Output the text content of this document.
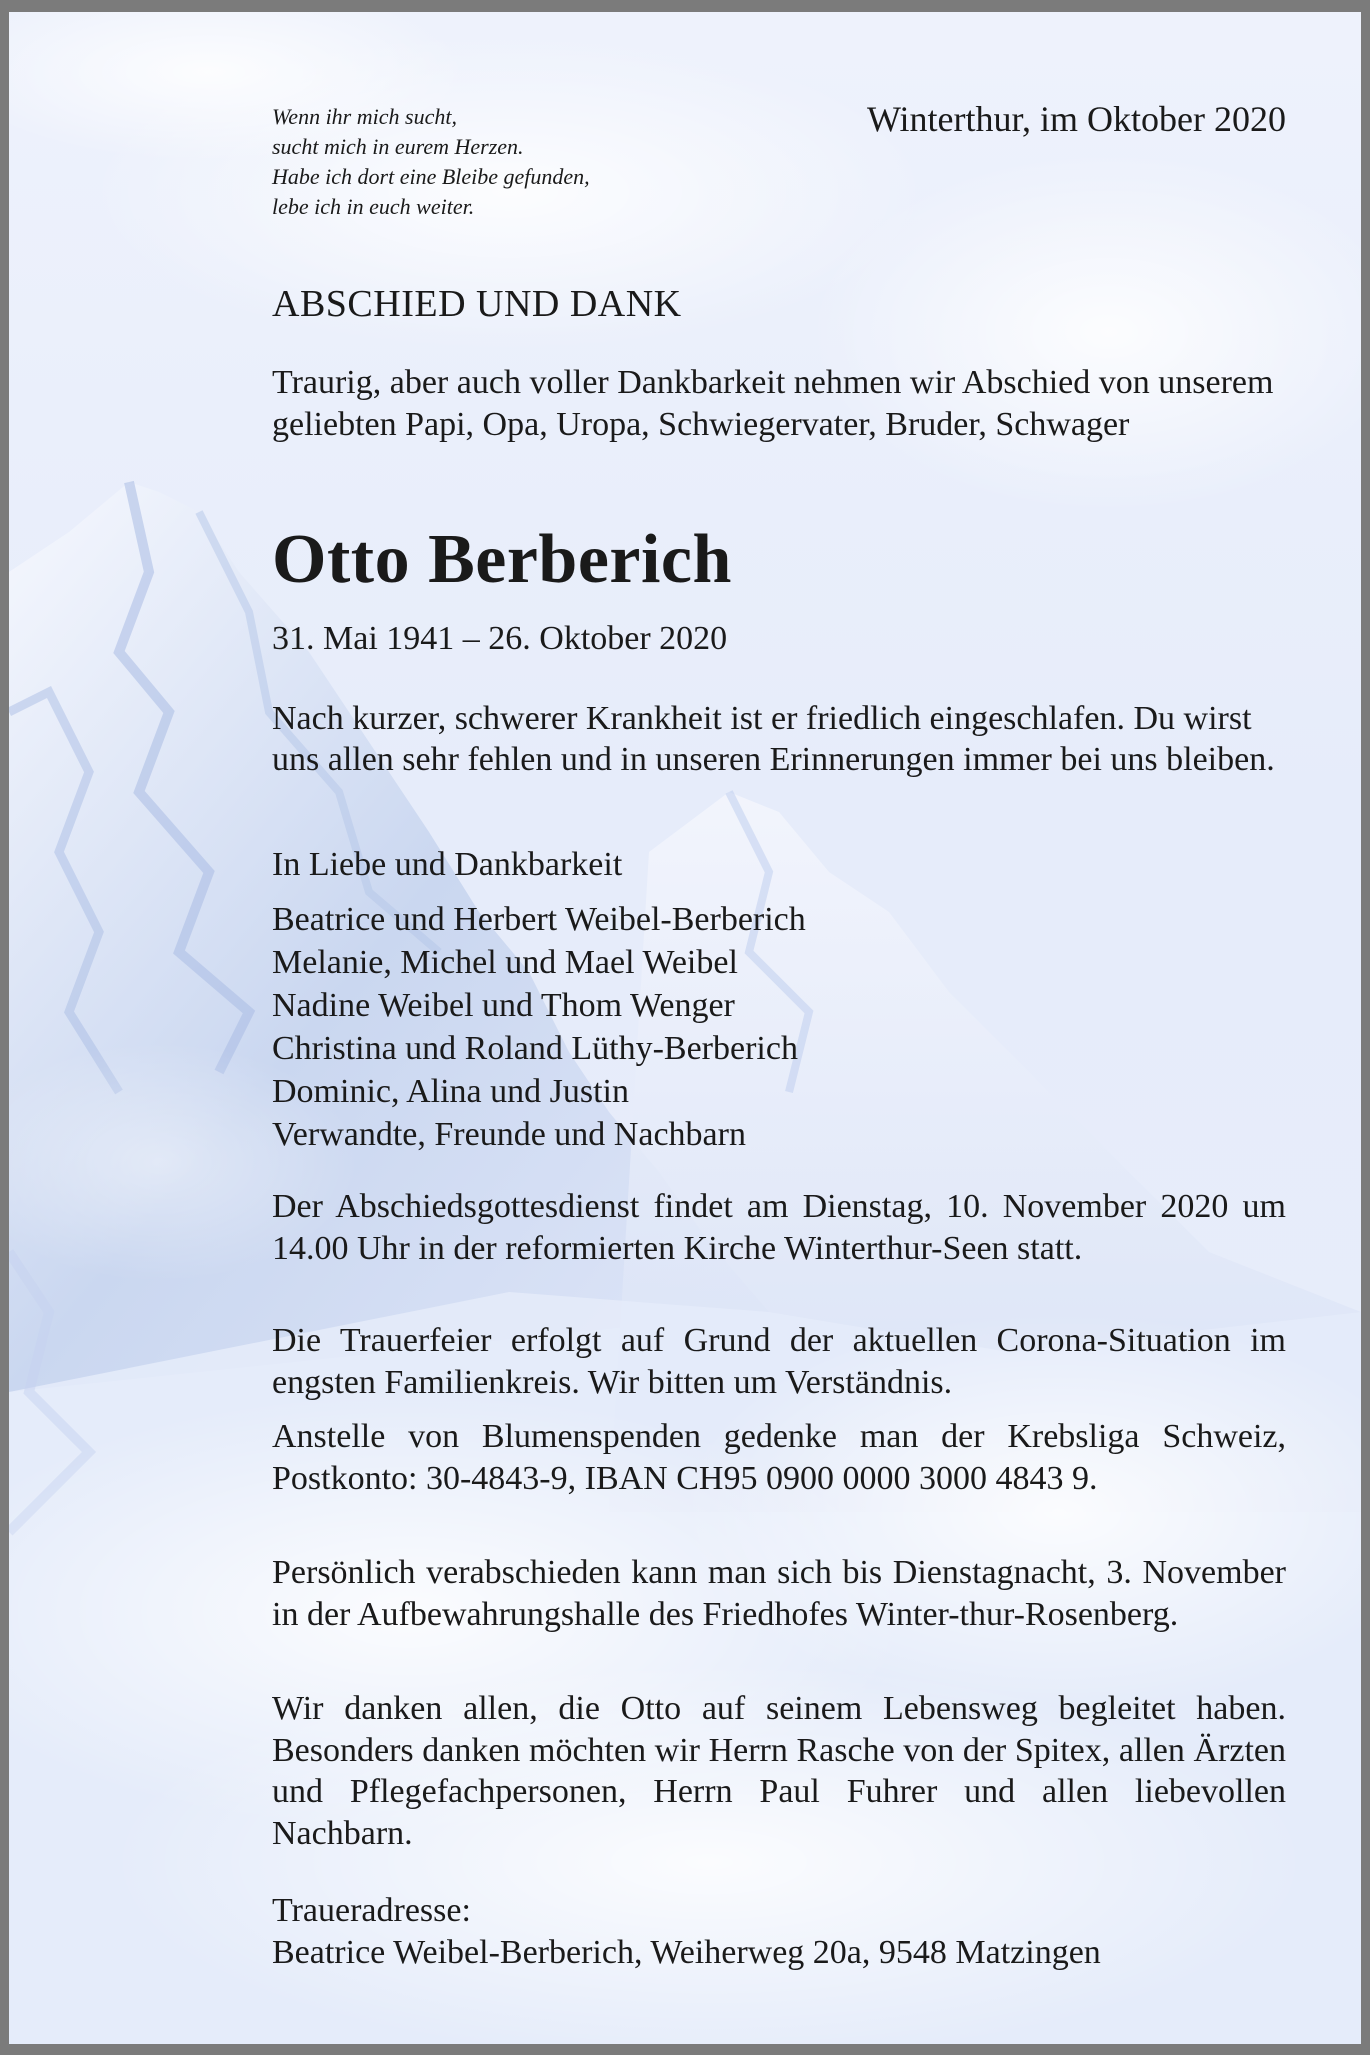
Wenn ihr mich sucht,
sucht mich in eurem Herzen.
Habe ich dort eine Bleibe gefunden,
lebe ich in euch weiter.
Winterthur, im Oktober 2020
ABSCHIED UND DANK
Traurig, aber auch voller Dankbarkeit nehmen wir Abschied von unserem geliebten Papi, Opa, Uropa, Schwiegervater, Bruder, Schwager
Otto Berberich
31. Mai 1941 – 26. Oktober 2020
Nach kurzer, schwerer Krankheit ist er friedlich eingeschlafen. Du wirst uns allen sehr fehlen und in unseren Erinnerungen immer bei uns bleiben.
In Liebe und Dankbarkeit
Beatrice und Herbert Weibel-Berberich
Melanie, Michel und Mael Weibel
Nadine Weibel und Thom Wenger
Christina und Roland Lüthy-Berberich
Dominic, Alina und Justin
Verwandte, Freunde und Nachbarn
Der Abschiedsgottesdienst findet am Dienstag, 10. November 2020 um 14.00 Uhr in der reformierten Kirche Winterthur-Seen statt.
Die Trauerfeier erfolgt auf Grund der aktuellen Corona-Situation im engsten Familienkreis. Wir bitten um Verständnis.
Anstelle von Blumenspenden gedenke man der Krebsliga Schweiz, Postkonto: 30-4843-9, IBAN CH95 0900 0000 3000 4843 9.
Persönlich verabschieden kann man sich bis Dienstagnacht, 3. November in der Aufbewahrungshalle des Friedhofes Winter-thur-Rosenberg.
Wir danken allen, die Otto auf seinem Lebensweg begleitet haben. Besonders danken möchten wir Herrn Rasche von der Spitex, allen Ärzten und Pflegefachpersonen, Herrn Paul Fuhrer und allen liebevollen Nachbarn.
Traueradresse:
Beatrice Weibel-Berberich, Weiherweg 20a, 9548 Matzingen
